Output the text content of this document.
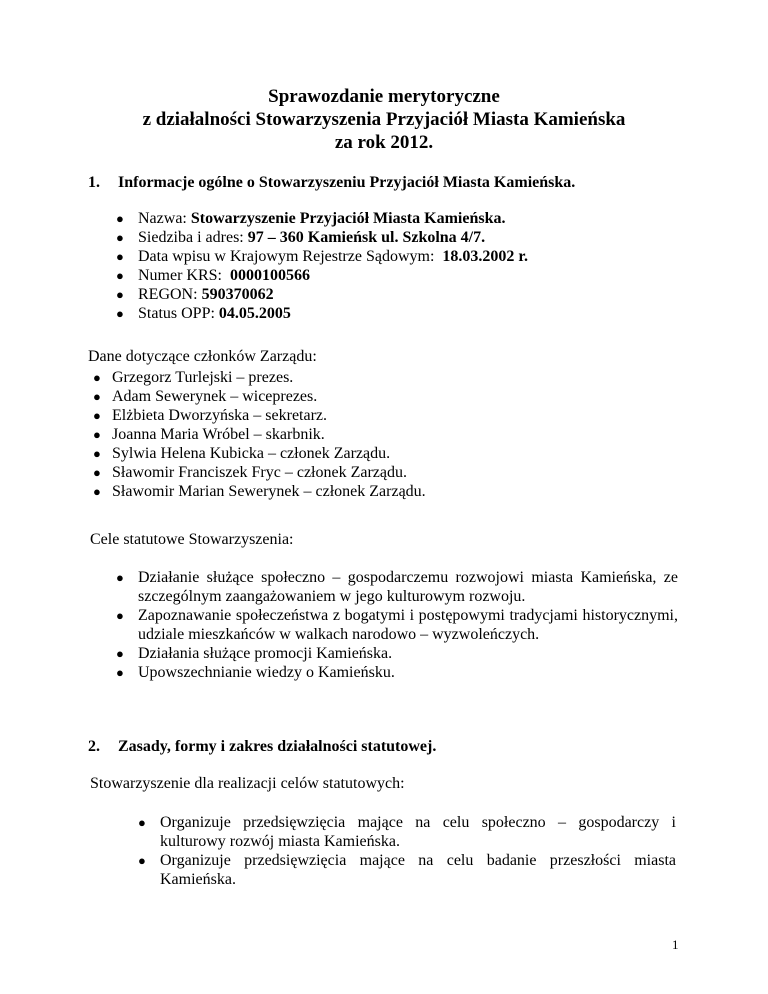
Sprawozdanie merytoryczne
z działalności Stowarzyszenia Przyjaciół Miasta Kamieńska
za rok 2012.
1. Informacje ogólne o Stowarzyszeniu Przyjaciół Miasta Kamieńska.
● Nazwa: Stowarzyszenie Przyjaciół Miasta Kamieńska.
● Siedziba i adres: 97 – 360 Kamieńsk ul. Szkolna 4/7.
● Data wpisu w Krajowym Rejestrze Sądowym:  18.03.2002 r.
● Numer KRS:  0000100566
● REGON: 590370062
● Status OPP: 04.05.2005
Dane dotyczące członków Zarządu:
● Grzegorz Turlejski – prezes.
● Adam Sewerynek – wiceprezes.
● Elżbieta Dworzyńska – sekretarz.
● Joanna Maria Wróbel – skarbnik.
● Sylwia Helena Kubicka – członek Zarządu.
● Sławomir Franciszek Fryc – członek Zarządu.
● Sławomir Marian Sewerynek – członek Zarządu.
Cele statutowe Stowarzyszenia:
● Działanie służące społeczno – gospodarczemu rozwojowi miasta Kamieńska, ze szczególnym zaangażowaniem w jego kulturowym rozwoju.
● Zapoznawanie społeczeństwa z bogatymi i postępowymi tradycjami historycznymi, udziale mieszkańców w walkach narodowo – wyzwoleńczych.
● Działania służące promocji Kamieńska.
● Upowszechnianie wiedzy o Kamieńsku.
2. Zasady, formy i zakres działalności statutowej.
Stowarzyszenie dla realizacji celów statutowych:
● Organizuje przedsięwzięcia mające na celu społeczno – gospodarczy i kulturowy rozwój miasta Kamieńska.
● Organizuje przedsięwzięcia mające na celu badanie przeszłości miasta Kamieńska.
1
